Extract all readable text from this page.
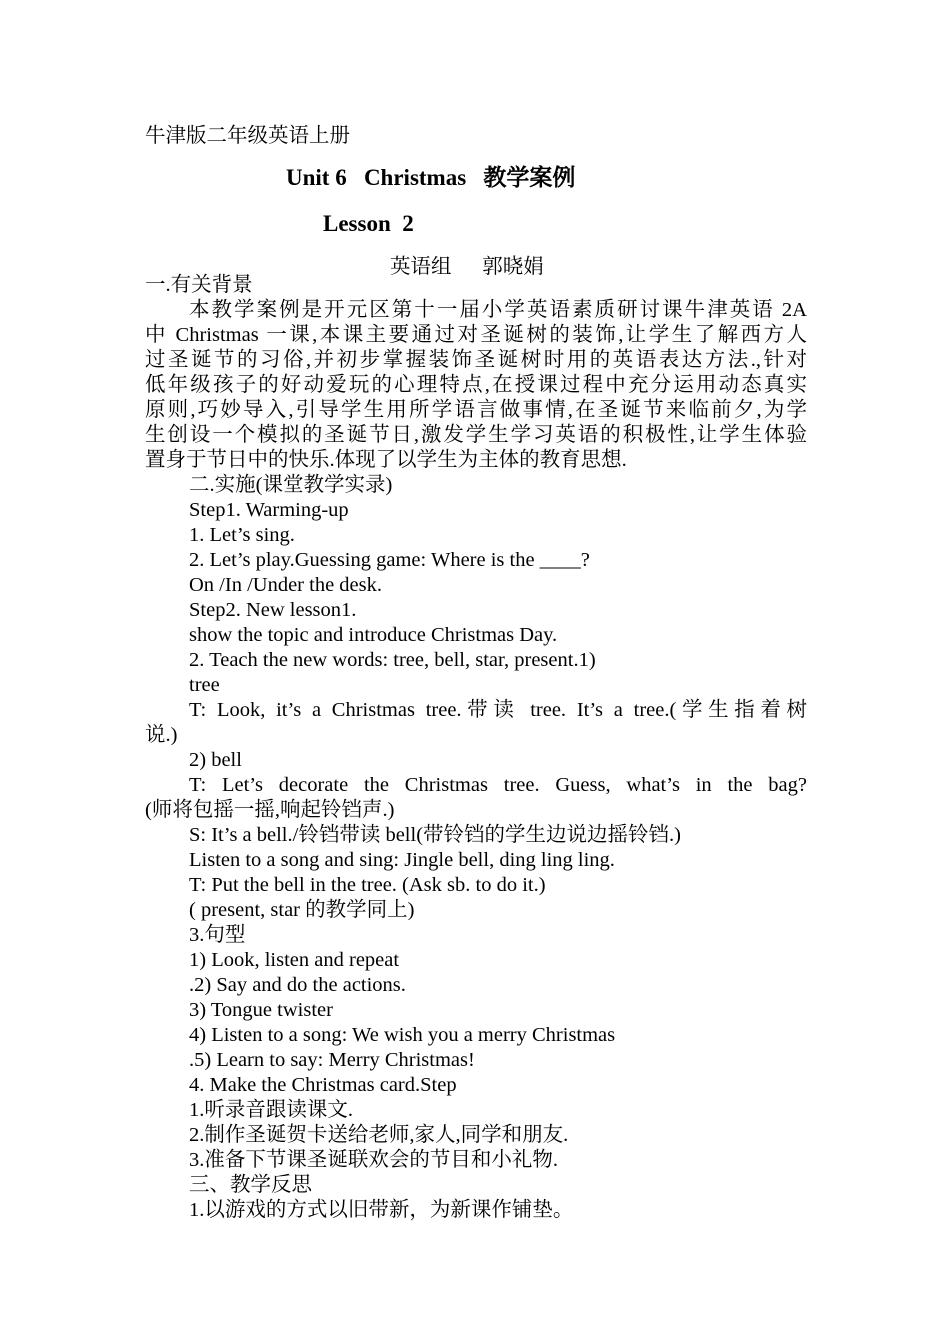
牛津版二年级英语上册
Unit 6   Christmas   教学案例
Lesson  2
英语组      郭晓娟
一.有关背景
本教学案例是开元区第十一届小学英语素质研讨课牛津英语 2A
中 Christmas 一课,本课主要通过对圣诞树的装饰,让学生了解西方人
过圣诞节的习俗,并初步掌握装饰圣诞树时用的英语表达方法.,针对
低年级孩子的好动爱玩的心理特点,在授课过程中充分运用动态真实
原则,巧妙导入,引导学生用所学语言做事情,在圣诞节来临前夕,为学
生创设一个模拟的圣诞节日,激发学生学习英语的积极性,让学生体验
置身于节日中的快乐.体现了以学生为主体的教育思想.
二.实施(课堂教学实录)
Step1. Warming-up
1. Let’s sing.
2. Let’s play.Guessing game: Where is the ____?
On /In /Under the desk.
Step2. New lesson1.
show the topic and introduce Christmas Day.
2. Teach the new words: tree, bell, star, present.1)
tree
T: Look, it’s a Christmas tree.带读 tree. It’s a tree.(学生指着树
说.)
2) bell
T: Let’s decorate the Christmas tree. Guess, what’s in the bag?
(师将包摇一摇,响起铃铛声.)
S: It’s a bell./铃铛带读 bell(带铃铛的学生边说边摇铃铛.)
Listen to a song and sing: Jingle bell, ding ling ling.
T: Put the bell in the tree. (Ask sb. to do it.)
( present, star 的教学同上)
3.句型
1) Look, listen and repeat
.2) Say and do the actions.
3) Tongue twister
4) Listen to a song: We wish you a merry Christmas
.5) Learn to say: Merry Christmas!
4. Make the Christmas card.Step
1.听录音跟读课文.
2.制作圣诞贺卡送给老师,家人,同学和朋友.
3.准备下节课圣诞联欢会的节目和小礼物.
三、教学反思
1.以游戏的方式以旧带新，为新课作铺垫。
